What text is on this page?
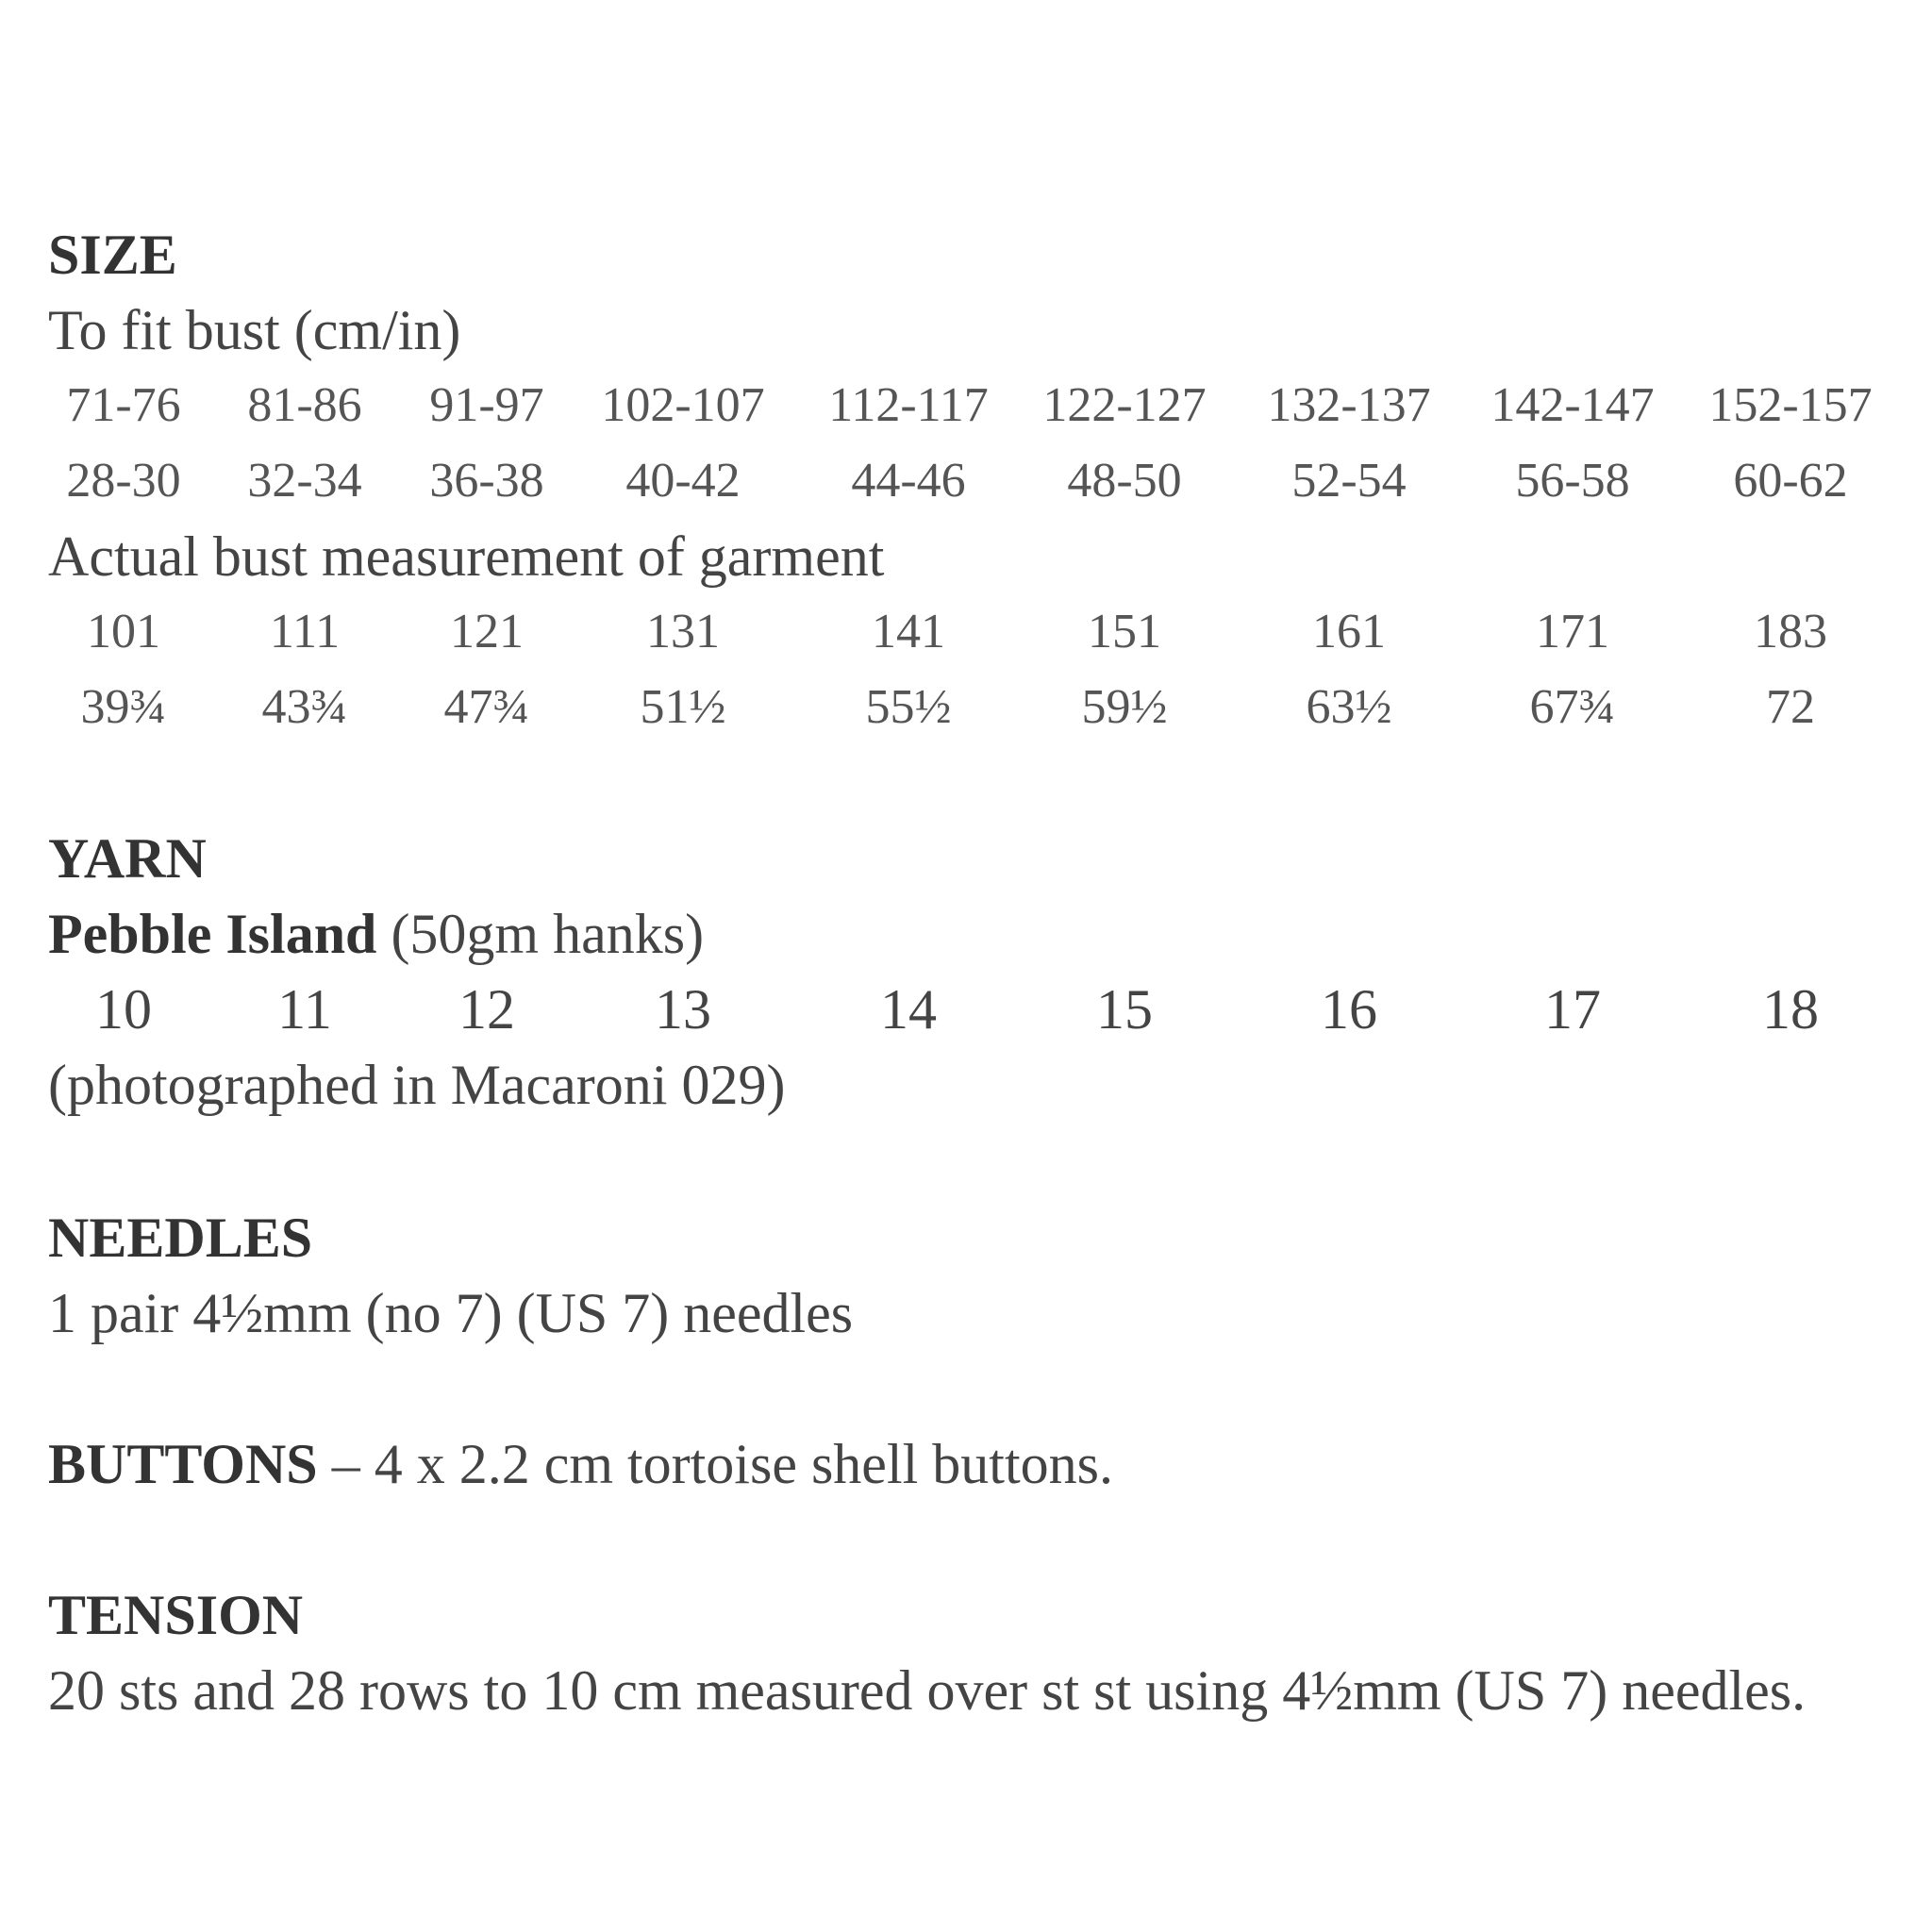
SIZE
To fit bust (cm/in)
71-76 81-86 91-97 102-107 112-117 122-127 132-137 142-147 152-157
28-30 32-34 36-38 40-42 44-46 48-50 52-54 56-58 60-62
Actual bust measurement of garment
101 111 121	131	141	151	161	171	183
39¾ 43¾ 47¾ 51½	55½	59½	63½	67¾	72
YARN
Pebble Island (50gm hanks)
10 11 12 13	14	15	16	17	18
(photographed in Macaroni 029)
NEEDLES
1 pair 4½mm (no 7) (US 7) needles
BUTTONS – 4 x 2.2 cm tortoise shell buttons.
TENSION
20 sts and 28 rows to 10 cm measured over st st using 4½mm (US 7) needles.
